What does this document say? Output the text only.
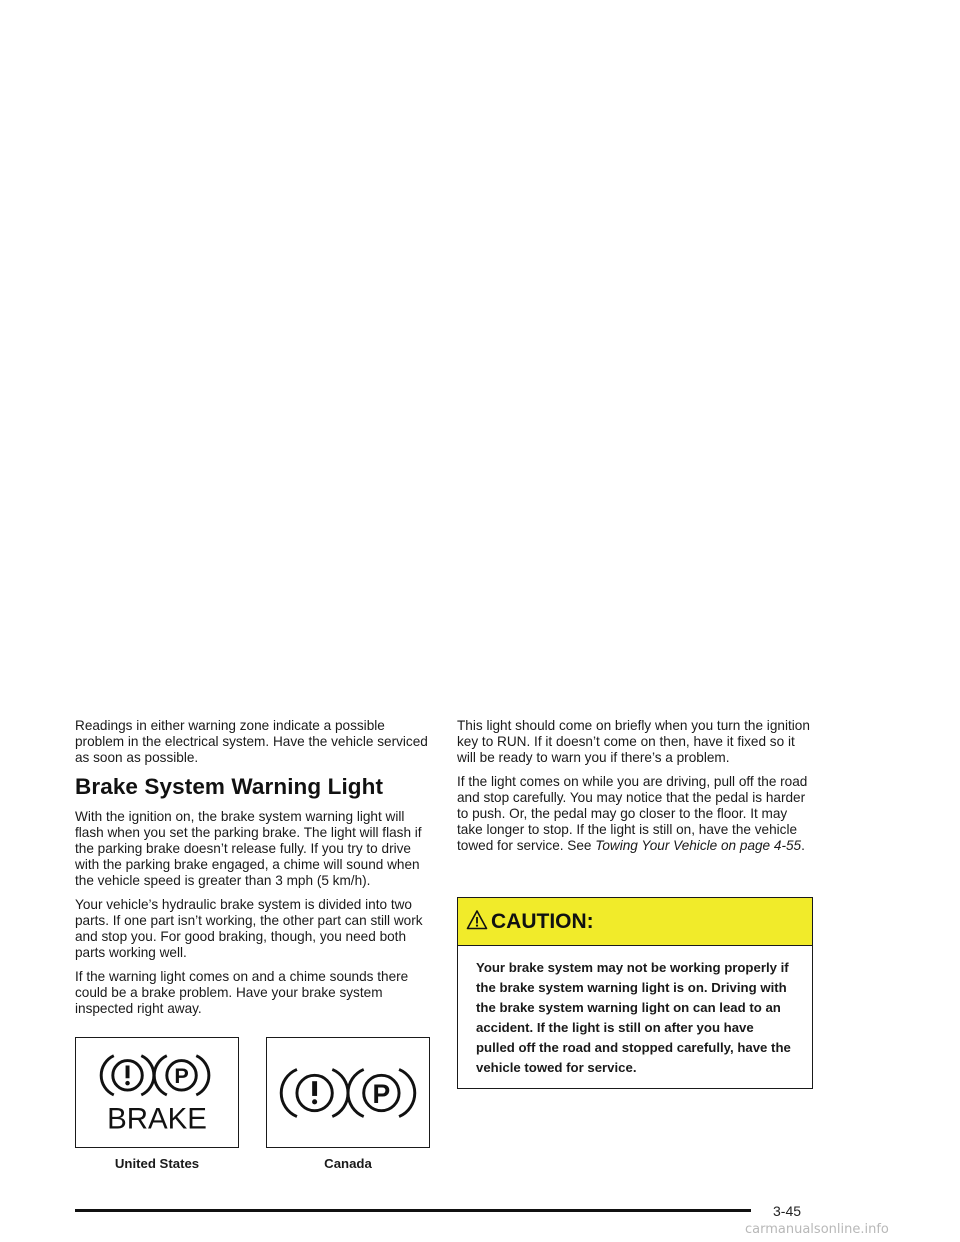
Readings in either warning zone indicate a possible problem in the electrical system. Have the vehicle serviced as soon as possible.

Brake System Warning Light

With the ignition on, the brake system warning light will flash when you set the parking brake. The light will flash if the parking brake doesn’t release fully. If you try to drive with the parking brake engaged, a chime will sound when the vehicle speed is greater than 3 mph (5 km/h).

Your vehicle’s hydraulic brake system is divided into two parts. If one part isn’t working, the other part can still work and stop you. For good braking, though, you need both parts working well.

If the warning light comes on and a chime sounds there could be a brake problem. Have your brake system inspected right away.

P
BRAKE
P
United States	Canada

This light should come on briefly when you turn the ignition key to RUN. If it doesn’t come on then, have it fixed so it will be ready to warn you if there’s a problem.

If the light comes on while you are driving, pull off the road and stop carefully. You may notice that the pedal is harder to push. Or, the pedal may go closer to the floor. It may take longer to stop. If the light is still on, have the vehicle towed for service. See Towing Your Vehicle on page 4-55.

CAUTION:
Your brake system may not be working properly if the brake system warning light is on. Driving with the brake system warning light on can lead to an accident. If the light is still on after you have pulled off the road and stopped carefully, have the vehicle towed for service.
3-45
carmanualsonline.info
